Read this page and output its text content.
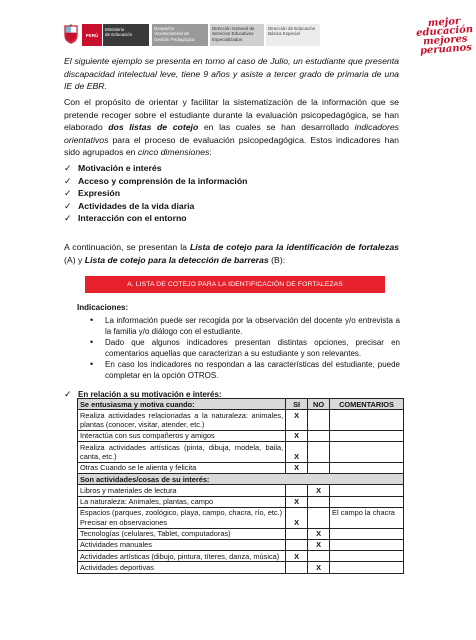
PERÚ
Ministerio
de Educación
Despacho
Viceministerial de
Gestión Pedagógica
Dirección General de
Servicios Educativos
Especializados
Dirección de Educación
Básica Especial
mejor
educación
mejores
peruanos

El siguiente ejemplo se presenta en torno al caso de Julio, un estudiante que presenta discapacidad intelectual leve, tiene 9 años y asiste a tercer grado de primaria de una IE de EBR.

Con el propósito de orientar y facilitar la sistematización de la información que se pretende recoger sobre el estudiante durante la evaluación psicopedagógica, se han elaborado dos listas de cotejo en las cuales se han desarrollado indicadores orientativos para el proceso de evaluación psicopedagógica. Estos indicadores han sido agrupados en cinco dimensiones:

✓ Motivación e interés
✓ Acceso y comprensión de la información
✓ Expresión
✓ Actividades de la vida diaria
✓ Interacción con el entorno

A continuación, se presentan la Lista de cotejo para la identificación de fortalezas (A) y Lista de cotejo para la detección de barreras (B):

A. LISTA DE COTEJO PARA LA IDENTIFICACIÓN DE FORTALEZAS
Indicaciones:
• La información puede ser recogida por la observación del docente y/o entrevista a la familia y/o diálogo con el estudiante.
• Dado que algunos indicadores presentan distintas opciones, precisar en comentarios aquellas que caracterizan a su estudiante y son relevantes.
• En caso los indicadores no respondan a las características del estudiante, puede completar en la opción OTROS.
✓ En relación a su motivación e interés:
Se entusiasma y motiva cuando:	SI	NO	COMENTARIOS
Realiza actividades relacionadas a la naturaleza: animales, plantas (conocer, visitar, atender, etc.)	X		
Interactúa con sus compañeros y amigos	X		
Realiza actividades artísticas (pinta, dibuja, modela, baila, canta, etc.)	X		
Otras Cuando se le alienta y felicita	X		
Son actividades/cosas de su interés:			
Libros y materiales de lectura		X	
La naturaleza: Animales, plantas, campo	X		
Espacios (parques, zoológico, playa, campo, chacra, río, etc.) Precisar en observaciones	X		El campo la chacra
Tecnologías (celulares, Tablet, computadoras)		X	
Actividades manuales		X	
Actividades artísticas (dibujo, pintura, títeres, danza, música)	X		
Actividades deportivas		X	
